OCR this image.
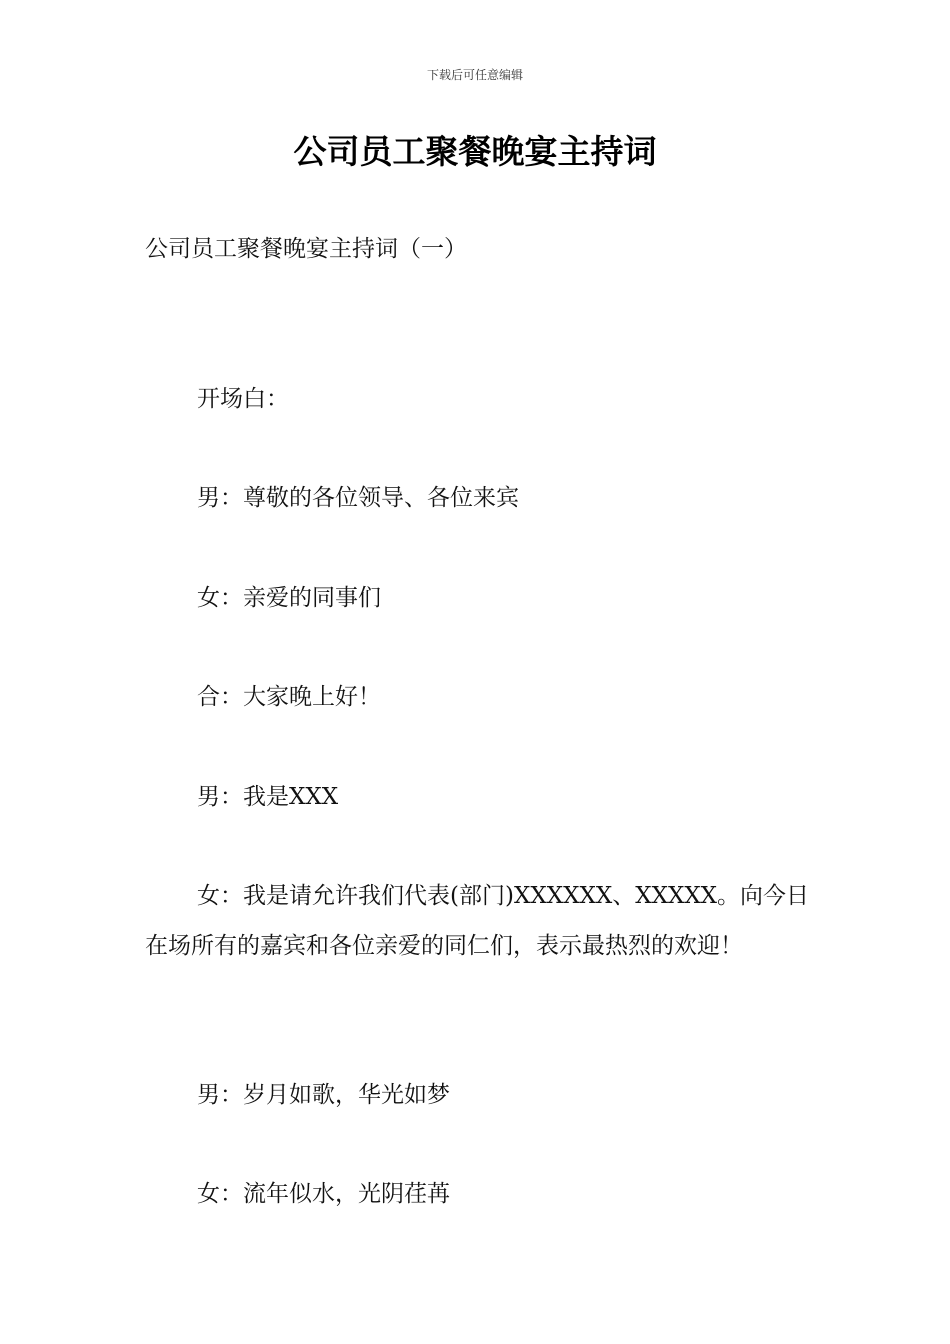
下载后可任意编辑
公司员工聚餐晚宴主持词
公司员工聚餐晚宴主持词（一）

开场白：

男：尊敬的各位领导、各位来宾

女：亲爱的同事们

合：大家晚上好！

男：我是XXX

女：我是请允许我们代表(部门)XXXXXX、XXXXX。向今日在场所有的嘉宾和各位亲爱的同仁们，表示最热烈的欢迎！

男：岁月如歌，华光如梦

女：流年似水，光阴荏苒
